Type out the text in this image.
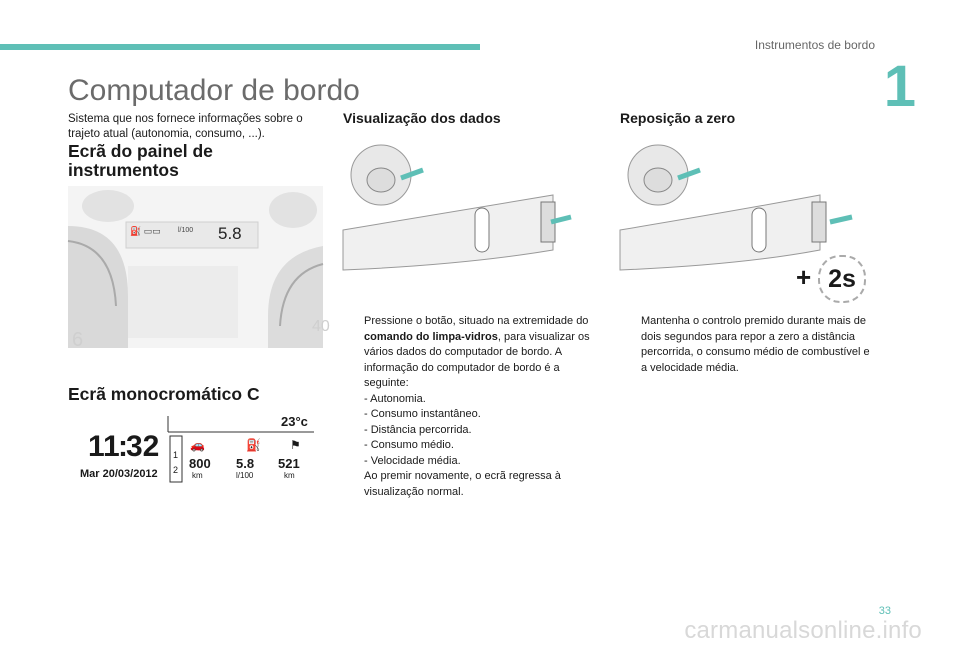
Instrumentos de bordo
1
Computador de bordo
Sistema que nos fornece informações sobre o trajeto atual (autonomia, consumo, ...).
Ecrã do painel de
instrumentos
6
40
⛽ ▭▭ l/100 5.8
Ecrã monocromático C
11
:
32
Mar 20/03/2012
23°c
1
2
🚗	⛽ ⚑
800
km
5.8
l/100
521
km
Visualização dos dados

Pressione o botão, situado na extremidade do comando do limpa-vidros, para visualizar os vários dados do computador de bordo. A informação do computador de bordo é a seguinte:

- Autonomia.
- Consumo instantâneo.
- Distância percorrida.
- Consumo médio.
- Velocidade média.

Ao premir novamente, o ecrã regressa à visualização normal.

Reposição a zero
+ 2s

Mantenha o controlo premido durante mais de dois segundos para repor a zero a distância percorrida, o consumo médio de combustível e a velocidade média.

33
carmanualsonline.info
